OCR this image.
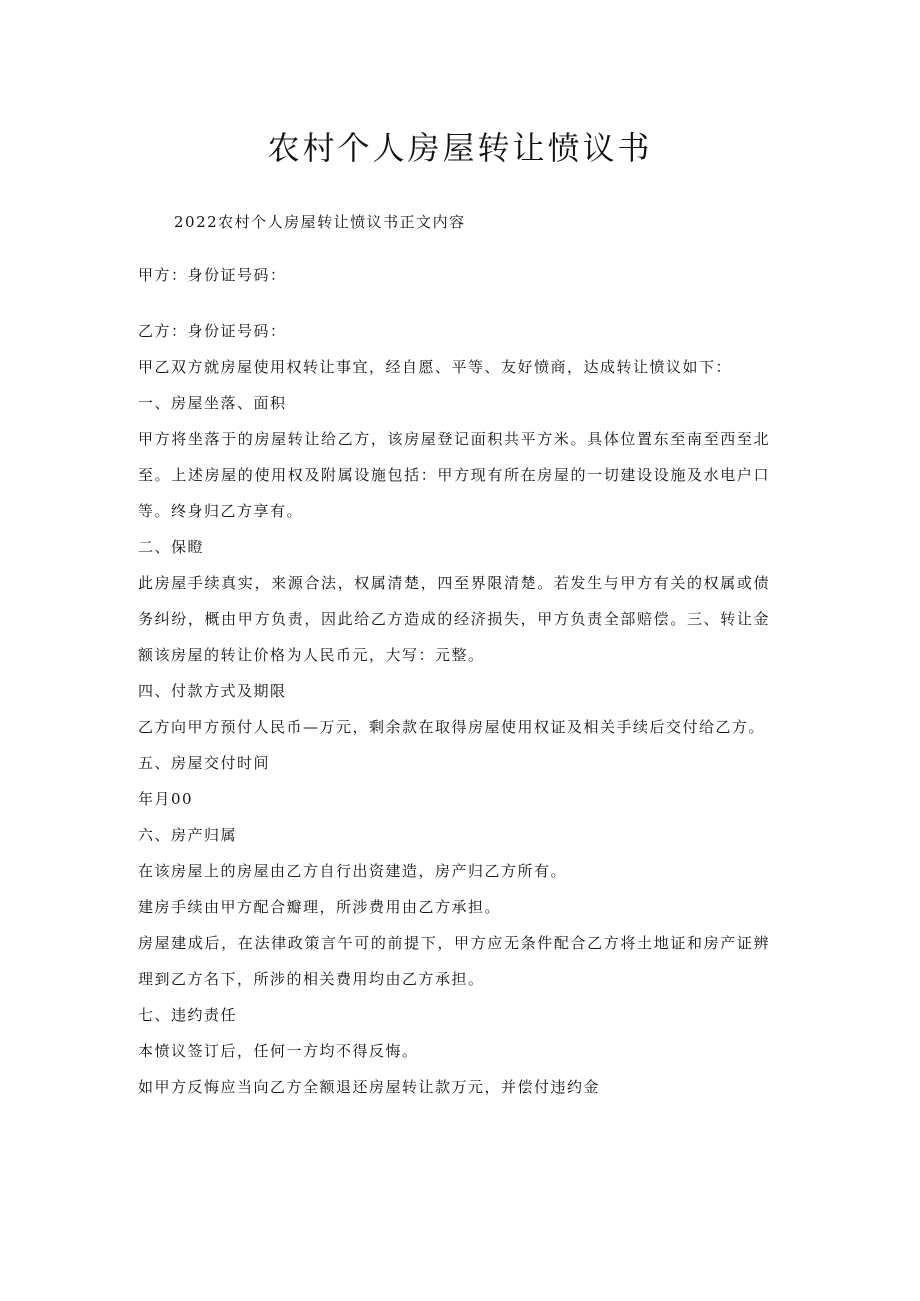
农村个人房屋转让愤议书
2022农村个人房屋转让愤议书正文内容

甲方：身份证号码：

乙方：身份证号码：

甲乙双方就房屋使用权转让事宜，经自愿、平等、友好愤商，达成转让愤议如下：

一、房屋坐落、面积

甲方将坐落于的房屋转让给乙方，该房屋登记面积共平方米。具体位置东至南至西至北至。上述房屋的使用权及附属设施包括：甲方现有所在房屋的一切建设设施及水电户口等。终身归乙方享有。

二、保瞪

此房屋手续真实，来源合法，权属清楚，四至界限清楚。若发生与甲方有关的权属或债务纠纷，概由甲方负责，因此给乙方造成的经济损失，甲方负责全部赔偿。三、转让金额该房屋的转让价格为人民币元，大写：元整。

四、付款方式及期限

乙方向甲方预付人民币—万元，剩余款在取得房屋使用权证及相关手续后交付给乙方。

五、房屋交付时间

年月00

六、房产归属

在该房屋上的房屋由乙方自行出资建造，房产归乙方所有。

建房手续由甲方配合瓣理，所涉费用由乙方承担。

房屋建成后，在法律政策言午可的前提下，甲方应无条件配合乙方将土地证和房产证辨理到乙方名下，所涉的相关费用均由乙方承担。

七、违约责任

本愤议签订后，任何一方均不得反悔。

如甲方反悔应当向乙方全额退还房屋转让款万元，并偿付违约金
